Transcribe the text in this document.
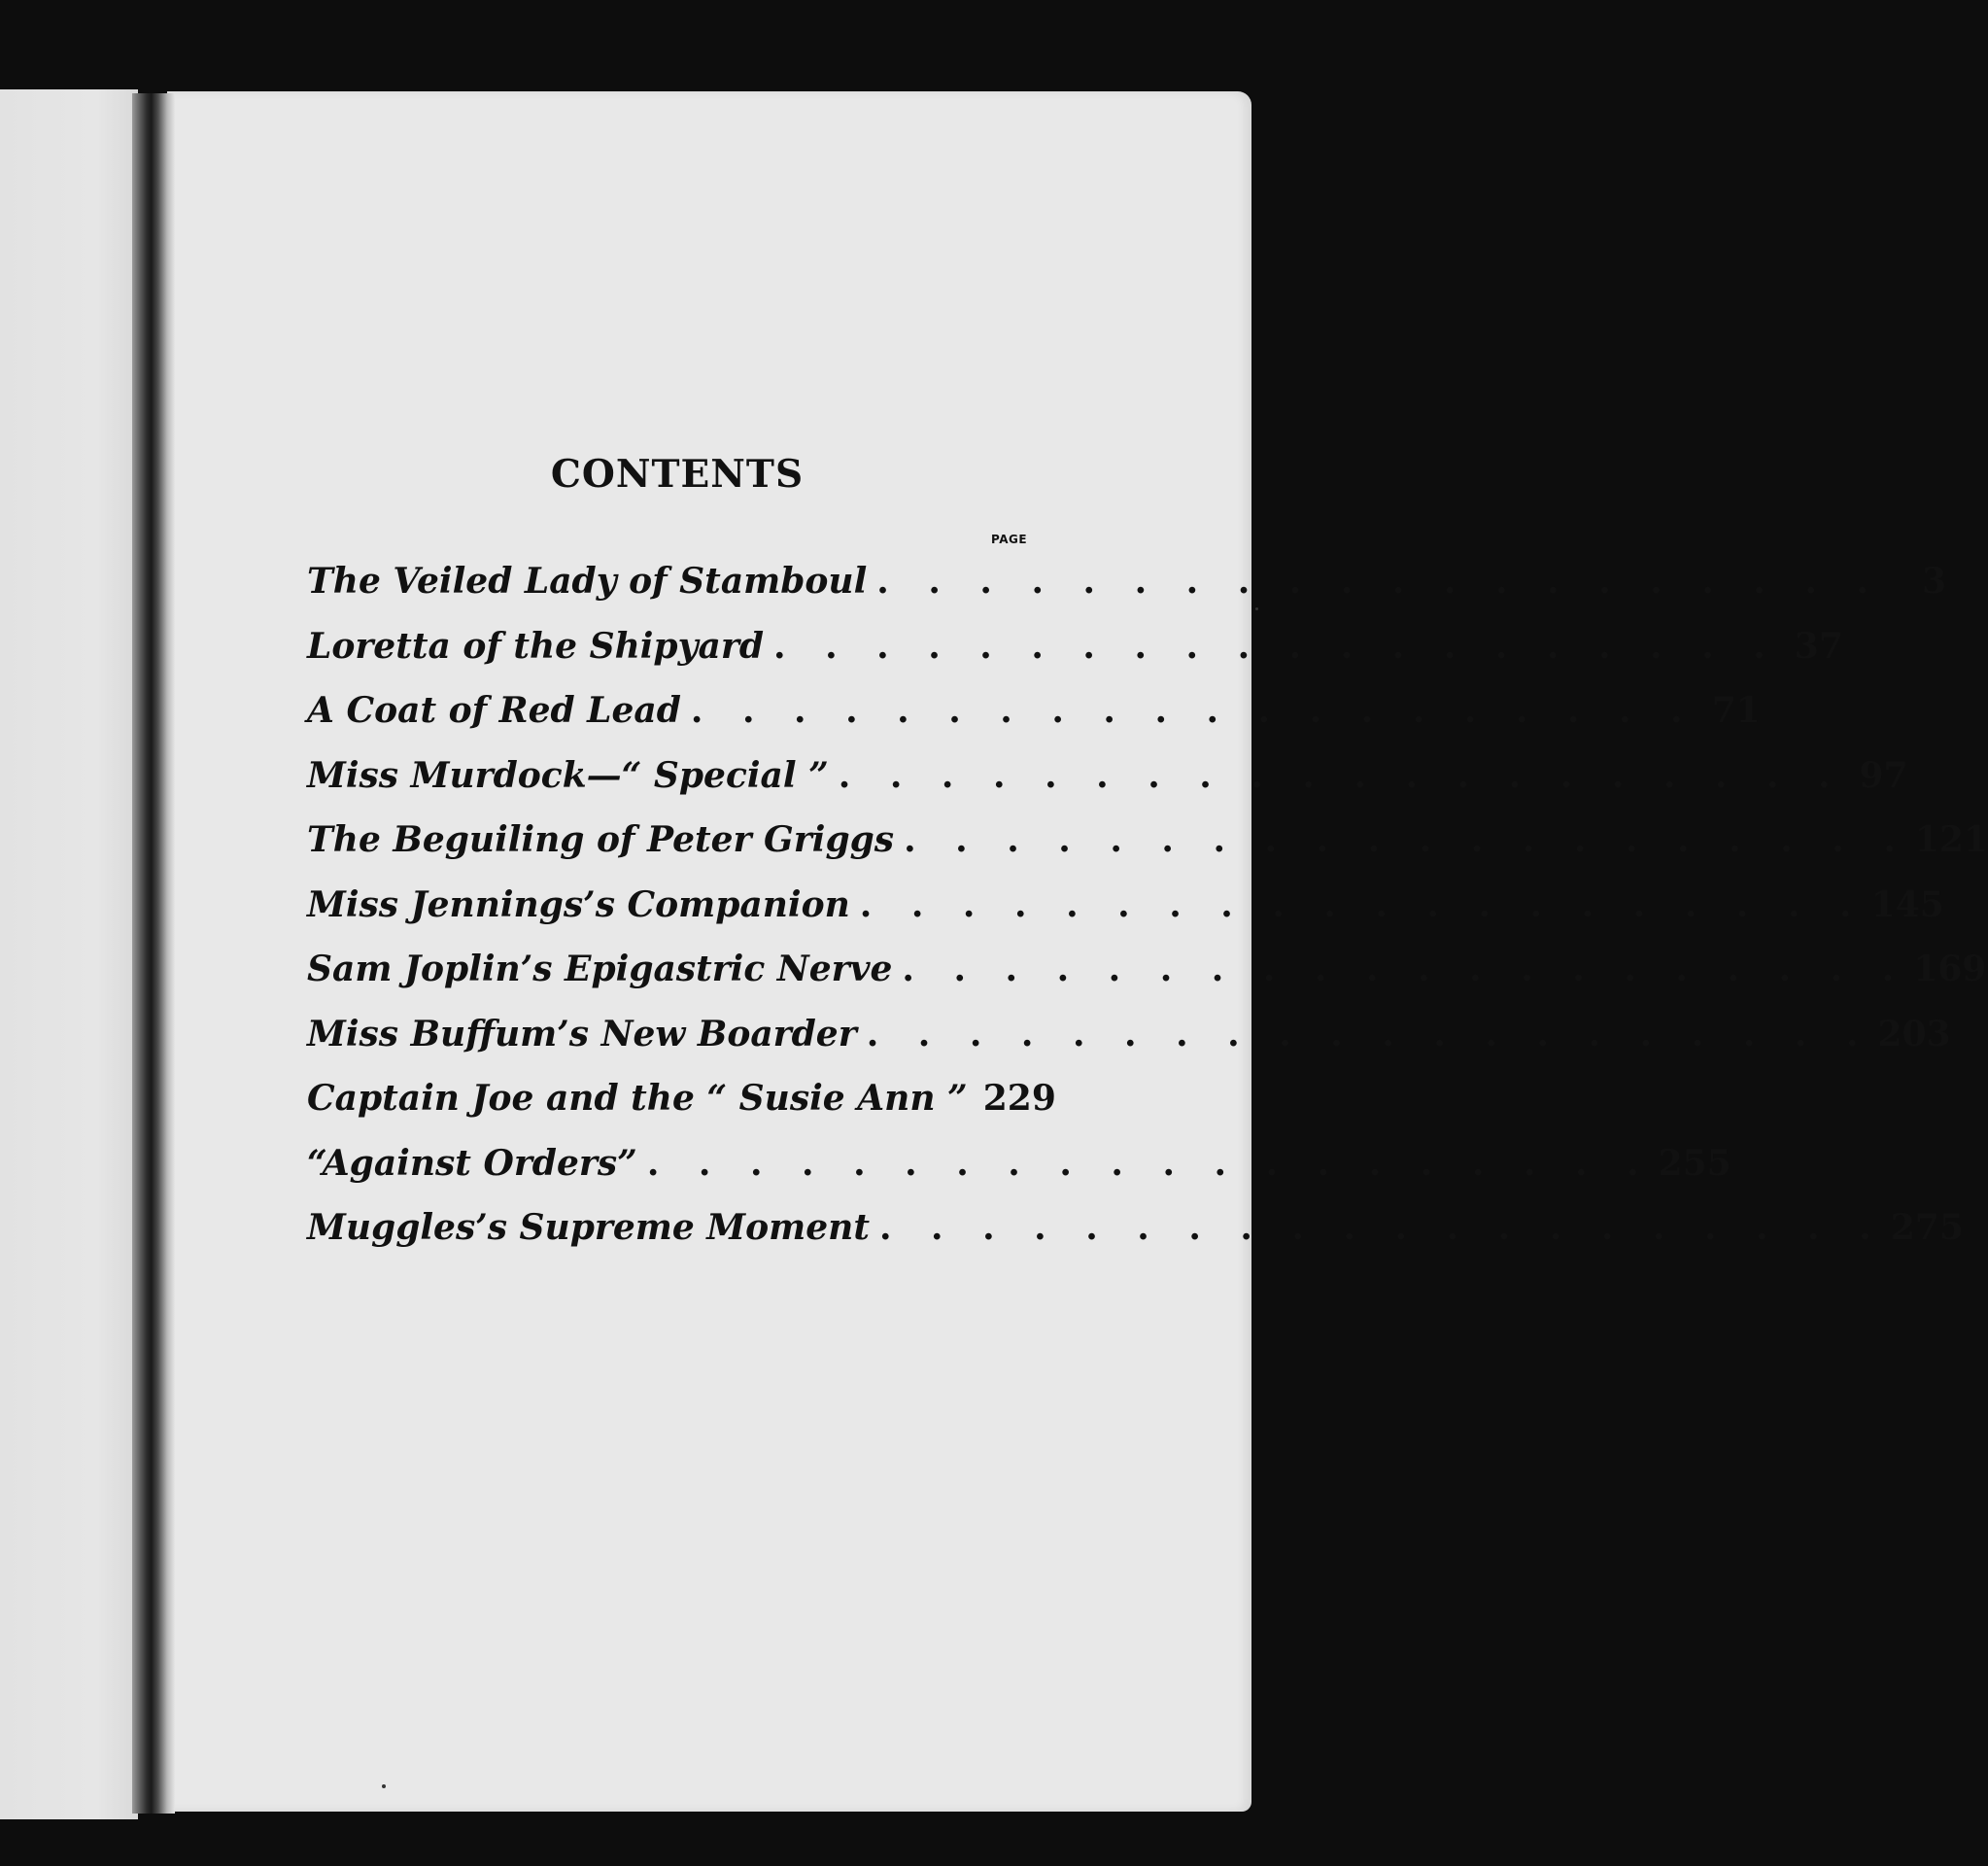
CONTENTS
PAGE
The Veiled Lady of Stamboul . . . . . . . . . . . . . . . . . . . .	3
Loretta of the Shipyard . . . . . . . . . . . . . . . . . . . . 37
A Coat of Red Lead . . . . . . . . . . . . . . . . . . . . 71
Miss Murdock—“ Special ” . . . . . . . . . . . . . . . . . . . . 97
The Beguiling of Peter Griggs . . . . . . . . . . . . . . . . . . . . 121
Miss Jennings’s Companion . . . . . . . . . . . . . . . . . . . . 145
Sam Joplin’s Epigastric Nerve . . . . . . . . . . . . . . . . . . . . 169
Miss Buffum’s New Boarder . . . . . . . . . . . . . . . . . . . . 203
Captain Joe and the “ Susie Ann ” 229
“Against Orders” . . . . . . . . . . . . . . . . . . . . 255
Muggles’s Supreme Moment . . . . . . . . . . . . . . . . . . . . 275
